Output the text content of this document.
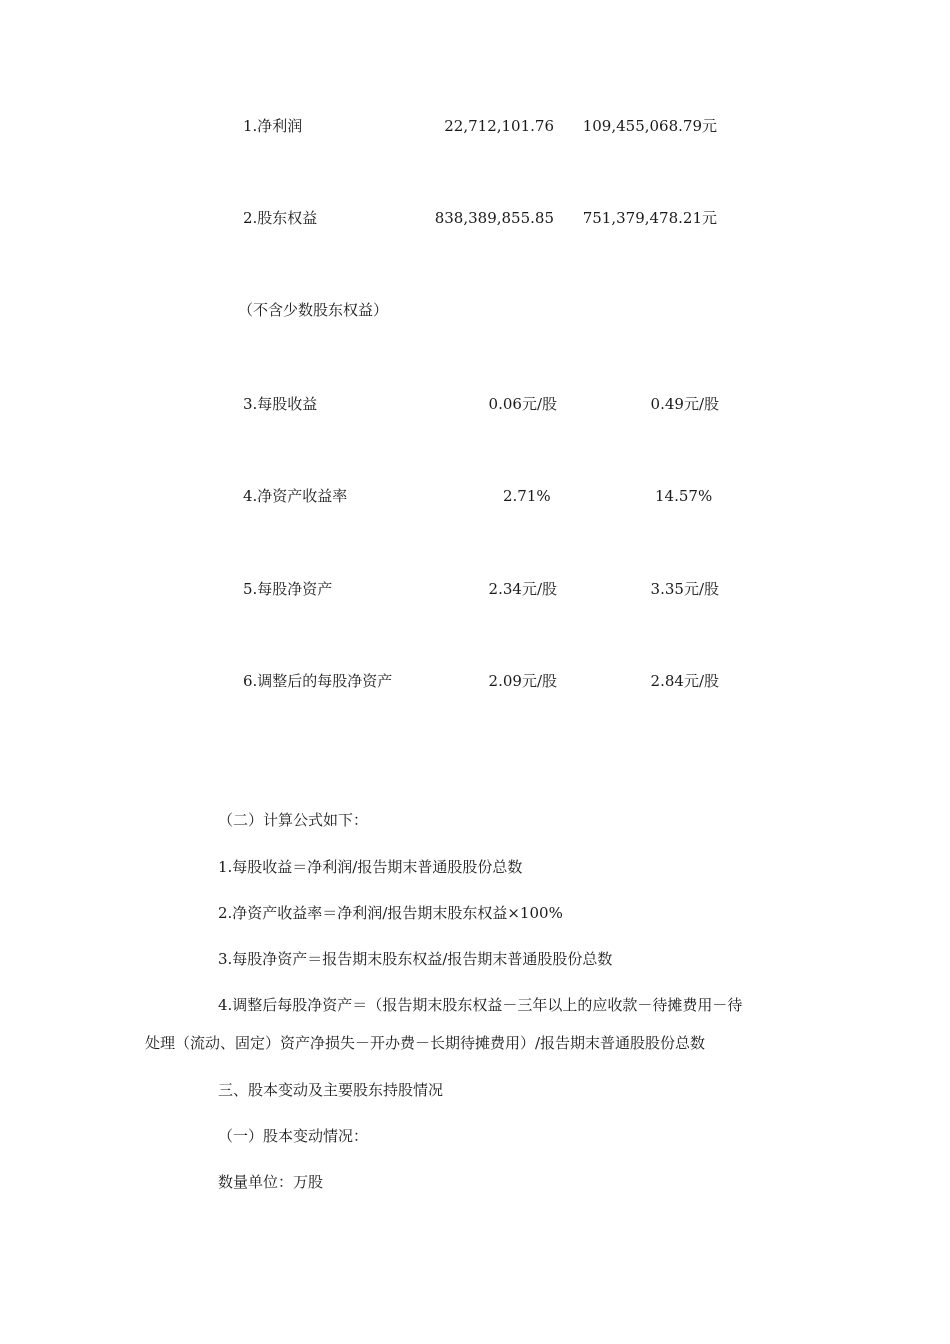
1.净利润	22,712,101.76 109,455,068.79元
2.股东权益	838,389,855.85 751,379,478.21元
（不含少数股东权益）
3.每股收益	0.06元/股	0.49元/股
4.净资产收益率	2.71%	14.57%
5.每股净资产	2.34元/股	3.35元/股
6.调整后的每股净资产	2.09元/股	2.84元/股
（二）计算公式如下：
1.每股收益＝净利润/报告期末普通股股份总数
2.净资产收益率＝净利润/报告期末股东权益×100%
3.每股净资产＝报告期末股东权益/报告期末普通股股份总数
4.调整后每股净资产＝（报告期末股东权益－三年以上的应收款－待摊费用－待
处理（流动、固定）资产净损失－开办费－长期待摊费用）/报告期末普通股股份总数
三、股本变动及主要股东持股情况
（一）股本变动情况：
数量单位：万股
